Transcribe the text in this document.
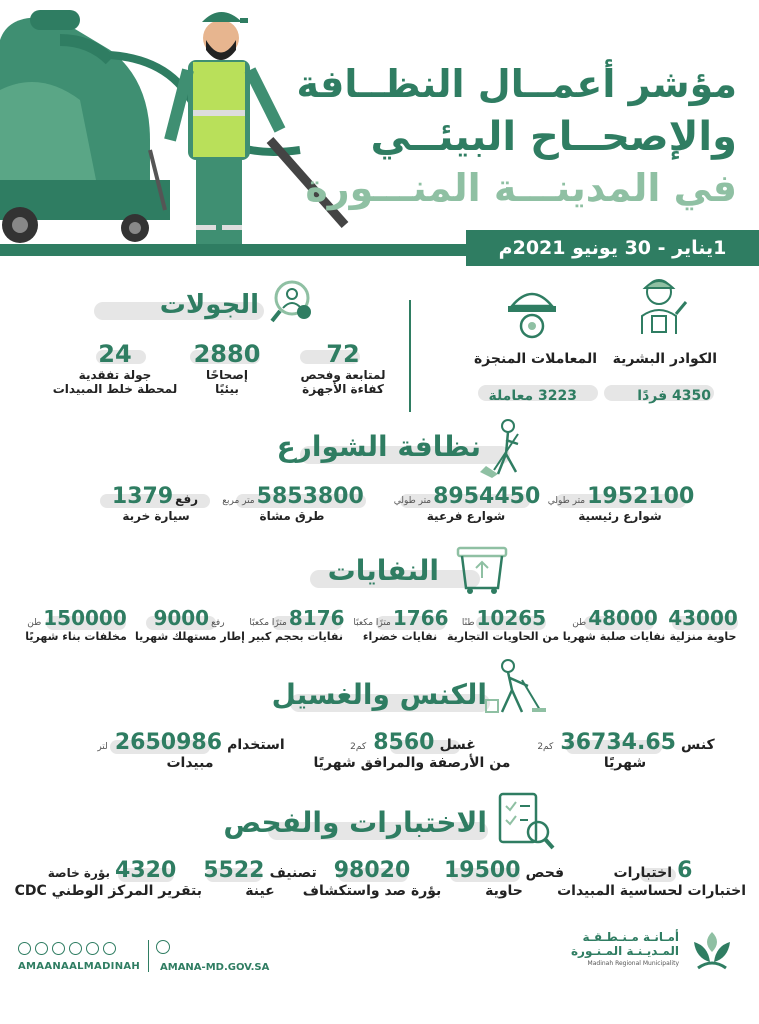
مؤشر أعمــال النظــافة
والإصحــاح البيئــي
في المدينـــة المنـــورة
1يناير - 30 يونيو 2021م
الكوادر البشرية
4350 فردًا
المعاملات المنجزة
3223 معاملة
الجولات
72
لمتابعة وفحص
كفاءة الأجهزة
2880
إصحاحًا
بيئيًا
24
جولة تفقدية
لمحطة خلط المبيدات
نظافة الشوارع
1952100متر طولي
شوارع رئيسية
8954450متر طولي
شوارع فرعية
5853800متر مربع
طرق مشاة
رفع1379
سيارة خربة
النفايات
43000
حاوية منزلية
48000طن
نفايات صلبة شهريا
10265طنًا
من الحاويات التجارية
1766مترًا مكعبًا
نفايات خضراء
8176مترًا مكعبًا
نفايات بحجم كبير
رفع9000
إطار مستهلك شهريا
150000طن
مخلفات بناء شهريًا
الكنس والغسيل
كنس 36734.65 كم2
شهريًا
غسل 8560 كم2
من الأرصفة والمرافق شهريًا
استخدام 2650986 لتر
مبيدات
الاختبارات والفحص
6 اختبارات
اختبارات لحساسية المبيدات
فحص 19500
حاوية
98020
بؤرة صد واستكشاف
تصنيف 5522
عينة
4320 بؤرة خاصة
بتقرير المركز الوطني CDC
AMAANAALMADINAH AMANA-MD.GOV.SA
أمـانـة مـنـطـقـة
المـديـنـة المـنـورة
Madinah Regional Municipality
